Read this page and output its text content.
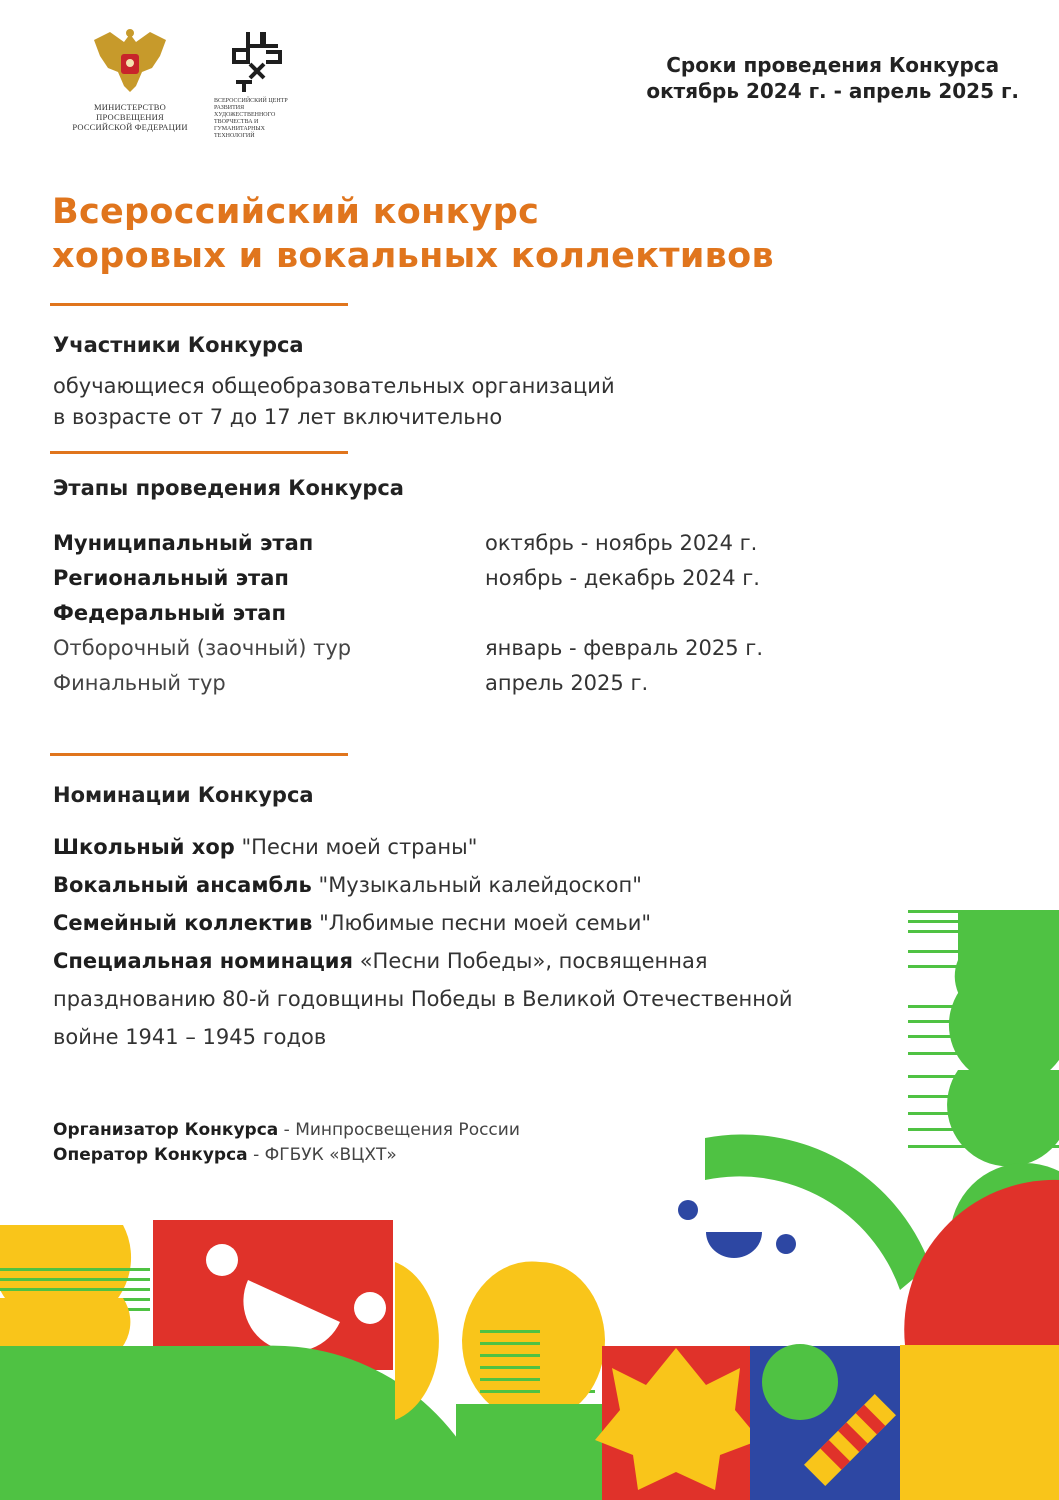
МИНИСТЕРСТВО ПРОСВЕЩЕНИЯ
РОССИЙСКОЙ ФЕДЕРАЦИИ
ВСЕРОССИЙСКИЙ ЦЕНТР
РАЗВИТИЯ ХУДОЖЕСТВЕННОГО
ТВОРЧЕСТВА И ГУМАНИТАРНЫХ
ТЕХНОЛОГИЙ
Сроки проведения Конкурса
октябрь 2024 г. - апрель 2025 г.
Всероссийский конкурс
хоровых и вокальных коллективов
Участники Конкурса
обучающиеся общеобразовательных организаций
в возрасте от 7 до 17 лет включительно
Этапы проведения Конкурса
Муниципальный этап	октябрь - ноябрь 2024 г.
Региональный этап	ноябрь - декабрь 2024 г.
Федеральный этап
Отборочный (заочный) тур	январь - февраль 2025 г.
Финальный тур	апрель 2025 г.
Номинации Конкурса
Школьный хор "Песни моей страны"
Вокальный ансамбль "Музыкальный калейдоскоп"
Семейный коллектив "Любимые песни моей семьи"
Специальная номинация «Песни Победы», посвященная
празднованию 80-й годовщины Победы в Великой Отечественной
войне 1941 – 1945 годов
Организатор Конкурса - Минпросвещения России
Оператор Конкурса - ФГБУК «ВЦХТ»
